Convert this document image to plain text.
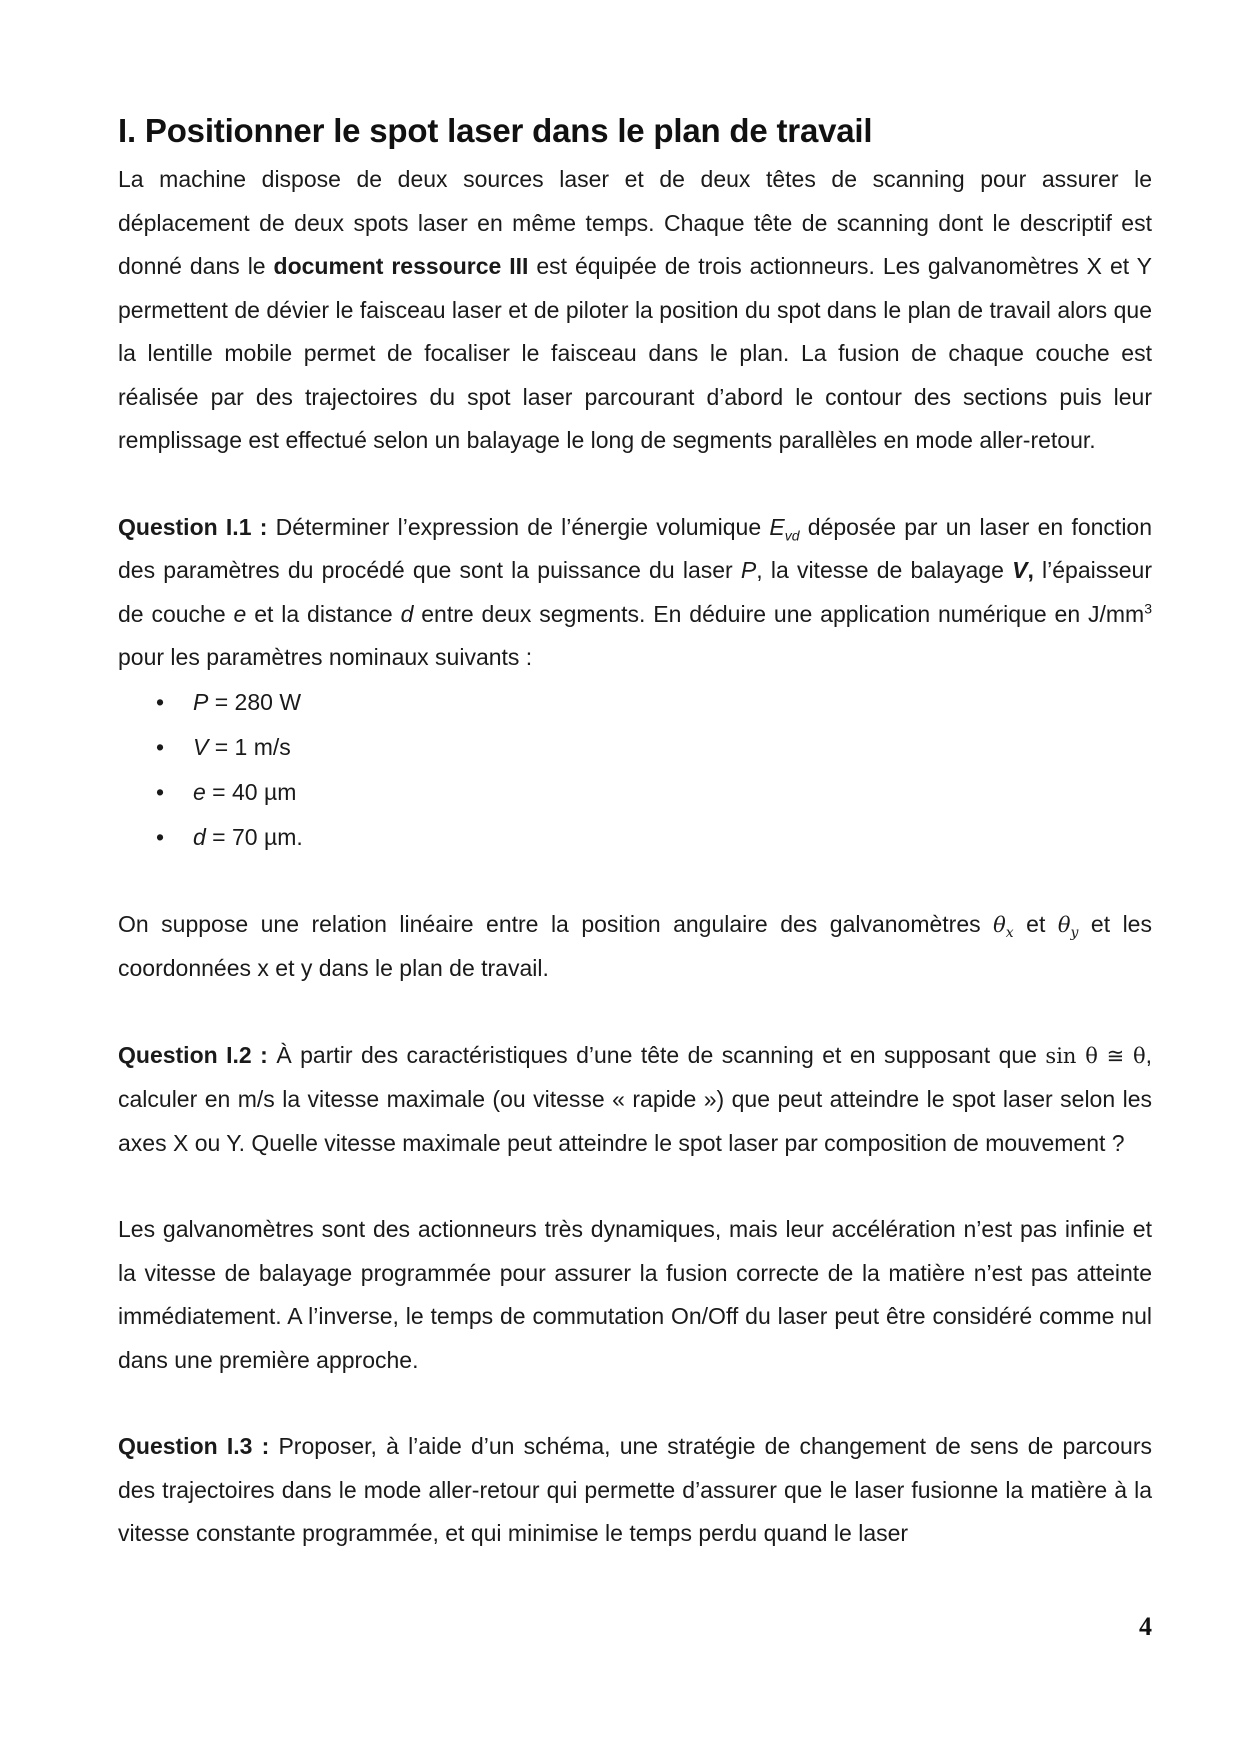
I. Positionner le spot laser dans le plan de travail

La machine dispose de deux sources laser et de deux têtes de scanning pour assurer le déplacement de deux spots laser en même temps. Chaque tête de scanning dont le descriptif est donné dans le document ressource III est équipée de trois actionneurs. Les galvanomètres X et Y permettent de dévier le faisceau laser et de piloter la position du spot dans le plan de travail alors que la lentille mobile permet de focaliser le faisceau dans le plan. La fusion de chaque couche est réalisée par des trajectoires du spot laser parcourant d’abord le contour des sections puis leur remplissage est effectué selon un balayage le long de segments parallèles en mode aller-retour.

Question I.1 : Déterminer l’expression de l’énergie volumique $E_{vd}$ déposée par un laser en fonction des paramètres du procédé que sont la puissance du laser P, la vitesse de balayage V, l’épaisseur de couche e et la distance d entre deux segments. En déduire une application numérique en $J/mm^3$ pour les paramètres nominaux suivants :

• P = 280 W
• V = 1 m/s
• e = 40 µm
• d = 70 µm.

On suppose une relation linéaire entre la position angulaire des galvanomètres $\theta_x$ et $\theta_y$ et les coordonnées x et y dans le plan de travail.

Question I.2 : À partir des caractéristiques d’une tête de scanning et en supposant que sin θ ≅ θ, calculer en m/s la vitesse maximale (ou vitesse « rapide ») que peut atteindre le spot laser selon les axes X ou Y. Quelle vitesse maximale peut atteindre le spot laser par composition de mouvement ?

Les galvanomètres sont des actionneurs très dynamiques, mais leur accélération n’est pas infinie et la vitesse de balayage programmée pour assurer la fusion correcte de la matière n’est pas atteinte immédiatement. A l’inverse, le temps de commutation On/Off du laser peut être considéré comme nul dans une première approche.

Question I.3 : Proposer, à l’aide d’un schéma, une stratégie de changement de sens de parcours des trajectoires dans le mode aller-retour qui permette d’assurer que le laser fusionne la matière à la vitesse constante programmée, et qui minimise le temps perdu quand le laser

4
